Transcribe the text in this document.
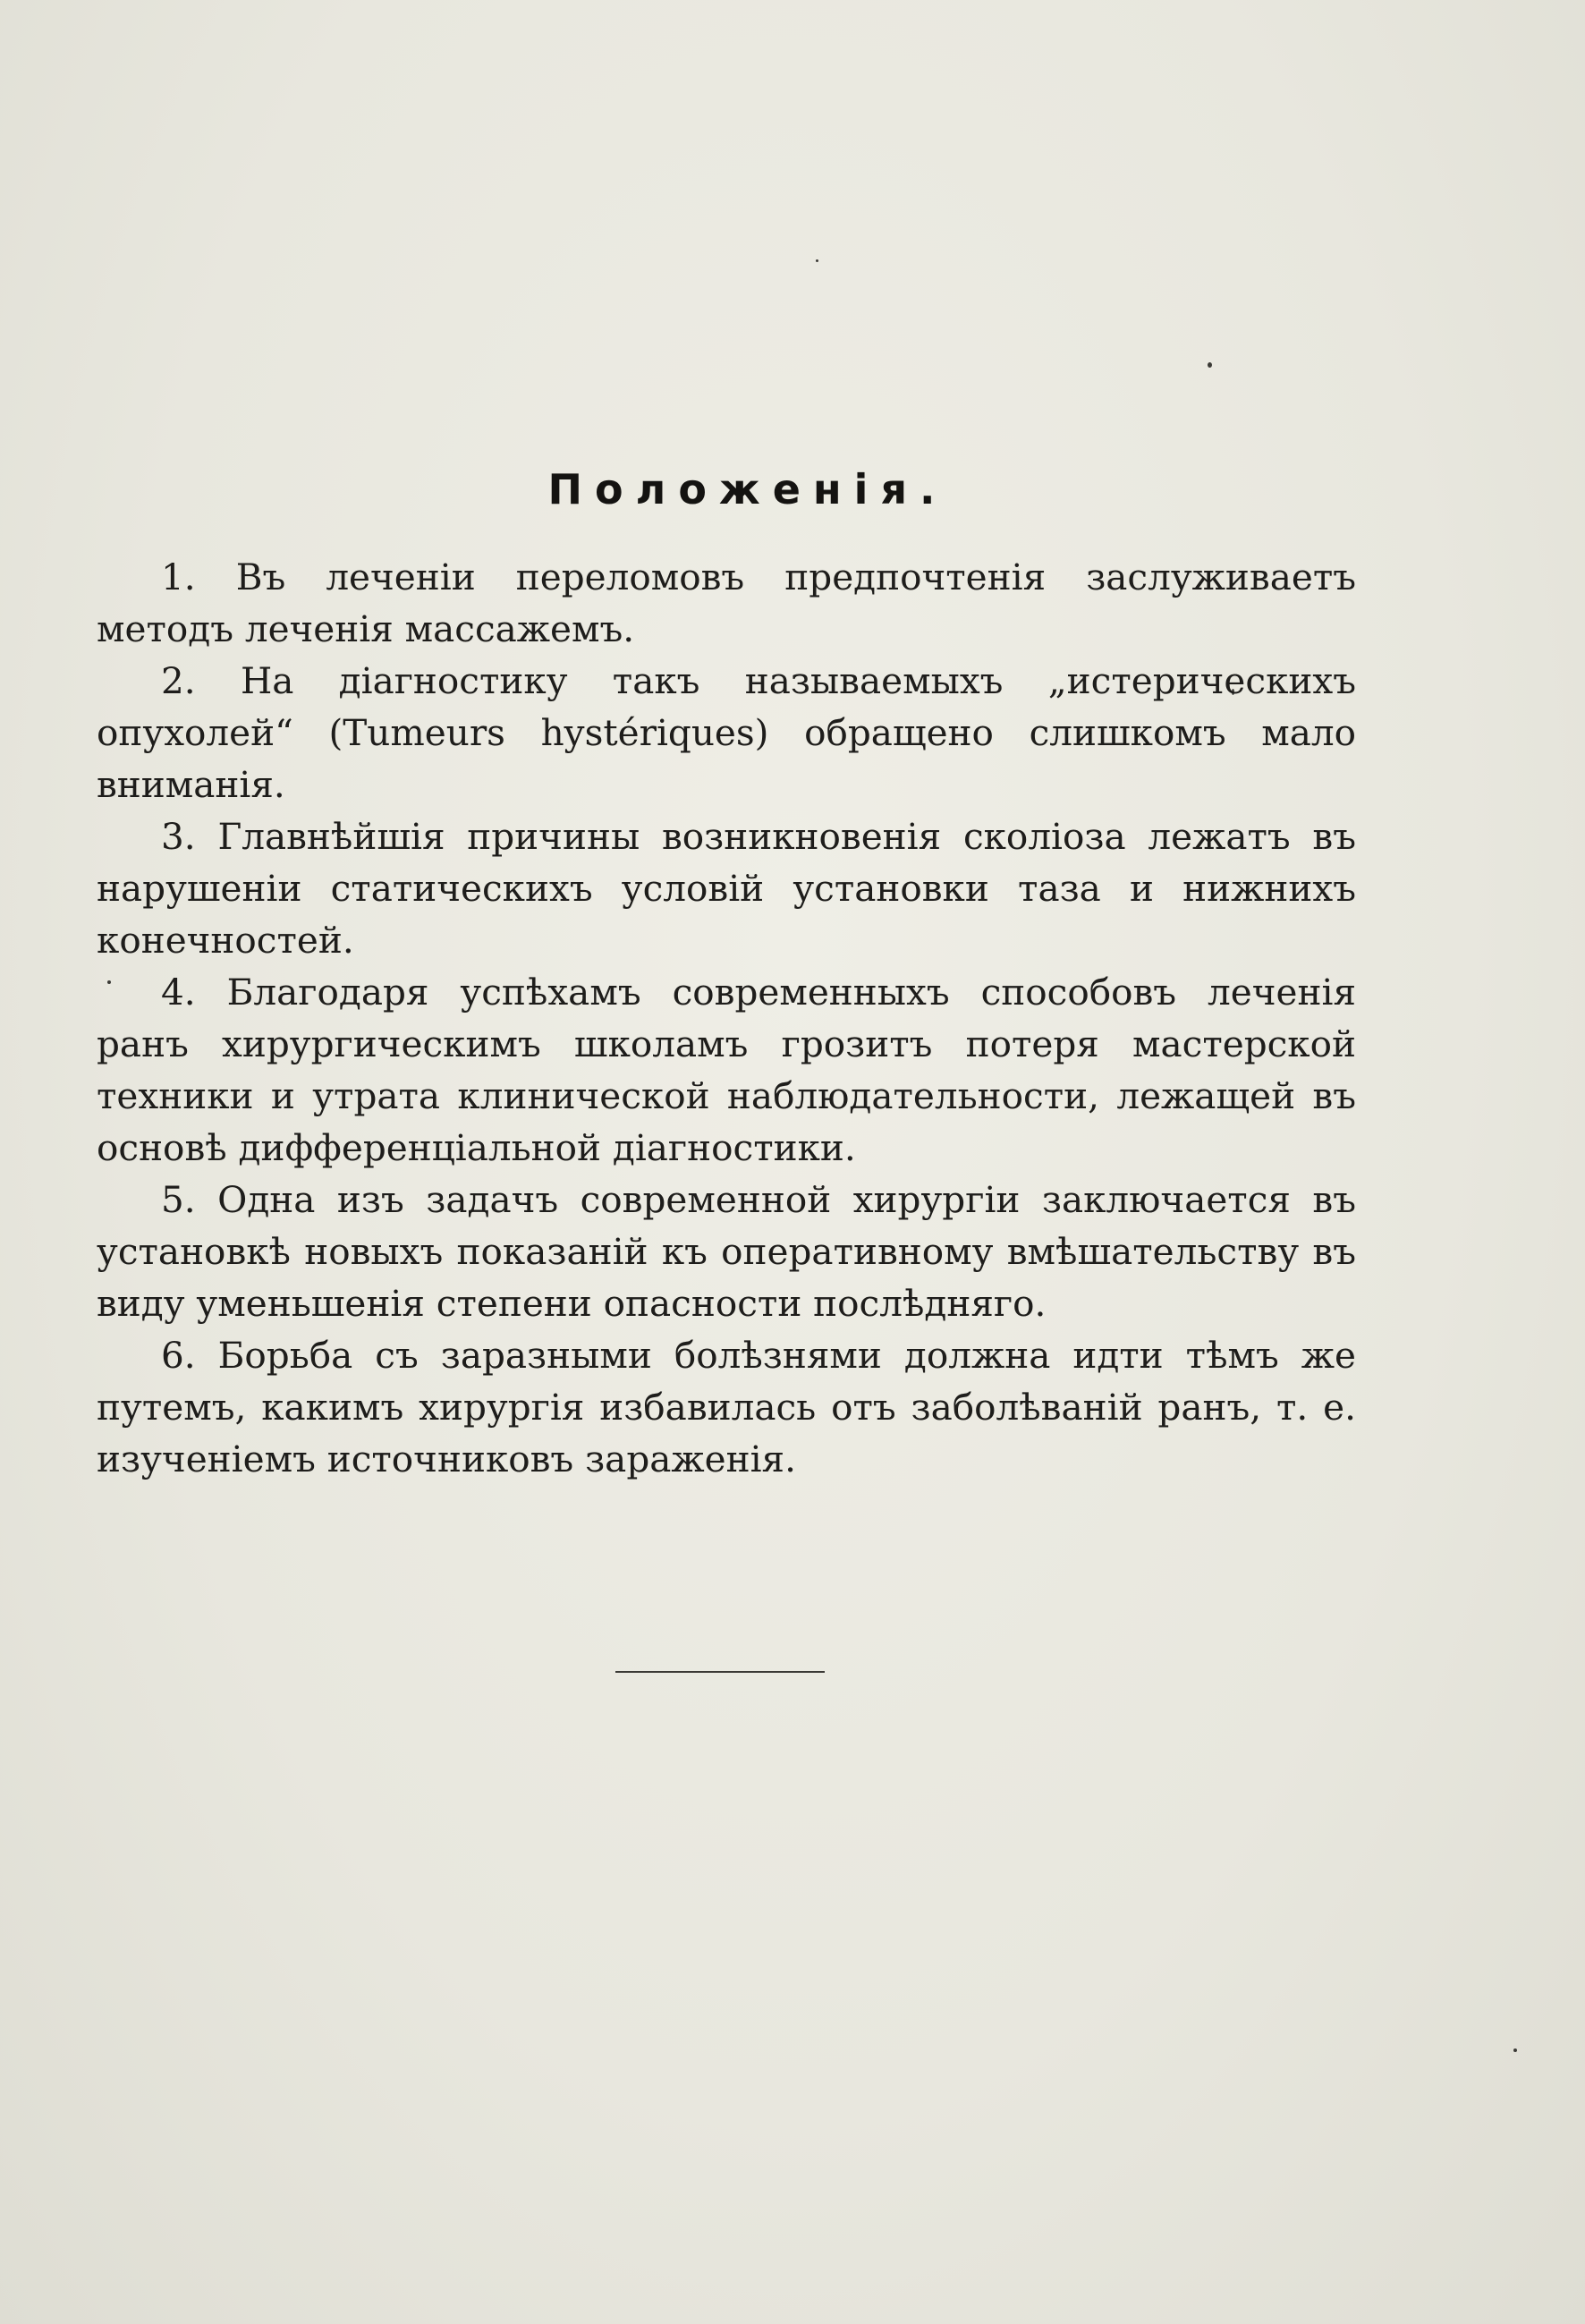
Положенія.
1. Въ леченіи переломовъ предпочтенія заслуживаетъ методъ леченія массажемъ.
2. На діагностику такъ называемыхъ „истерическихъ опухолей“ (Tumeurs hystériques) обращено слишкомъ мало вниманія.
3. Главнѣйшія причины возникновенія сколіоза лежатъ въ нарушеніи статическихъ условій установки таза и нижнихъ конечностей.
4. Благодаря успѣхамъ современныхъ способовъ леченія ранъ хирургическимъ школамъ грозитъ потеря мастерской техники и утрата клинической наблюдательности, лежащей въ основѣ дифференціальной діагностики.
5. Одна изъ задачъ современной хирургіи заключается въ установкѣ новыхъ показаній къ оперативному вмѣшательству въ виду уменьшенія степени опасности послѣдняго.
6. Борьба съ заразными болѣзнями должна идти тѣмъ же путемъ, какимъ хирургія избавилась отъ заболѣваній ранъ, т. е. изученіемъ источниковъ зараженія.
